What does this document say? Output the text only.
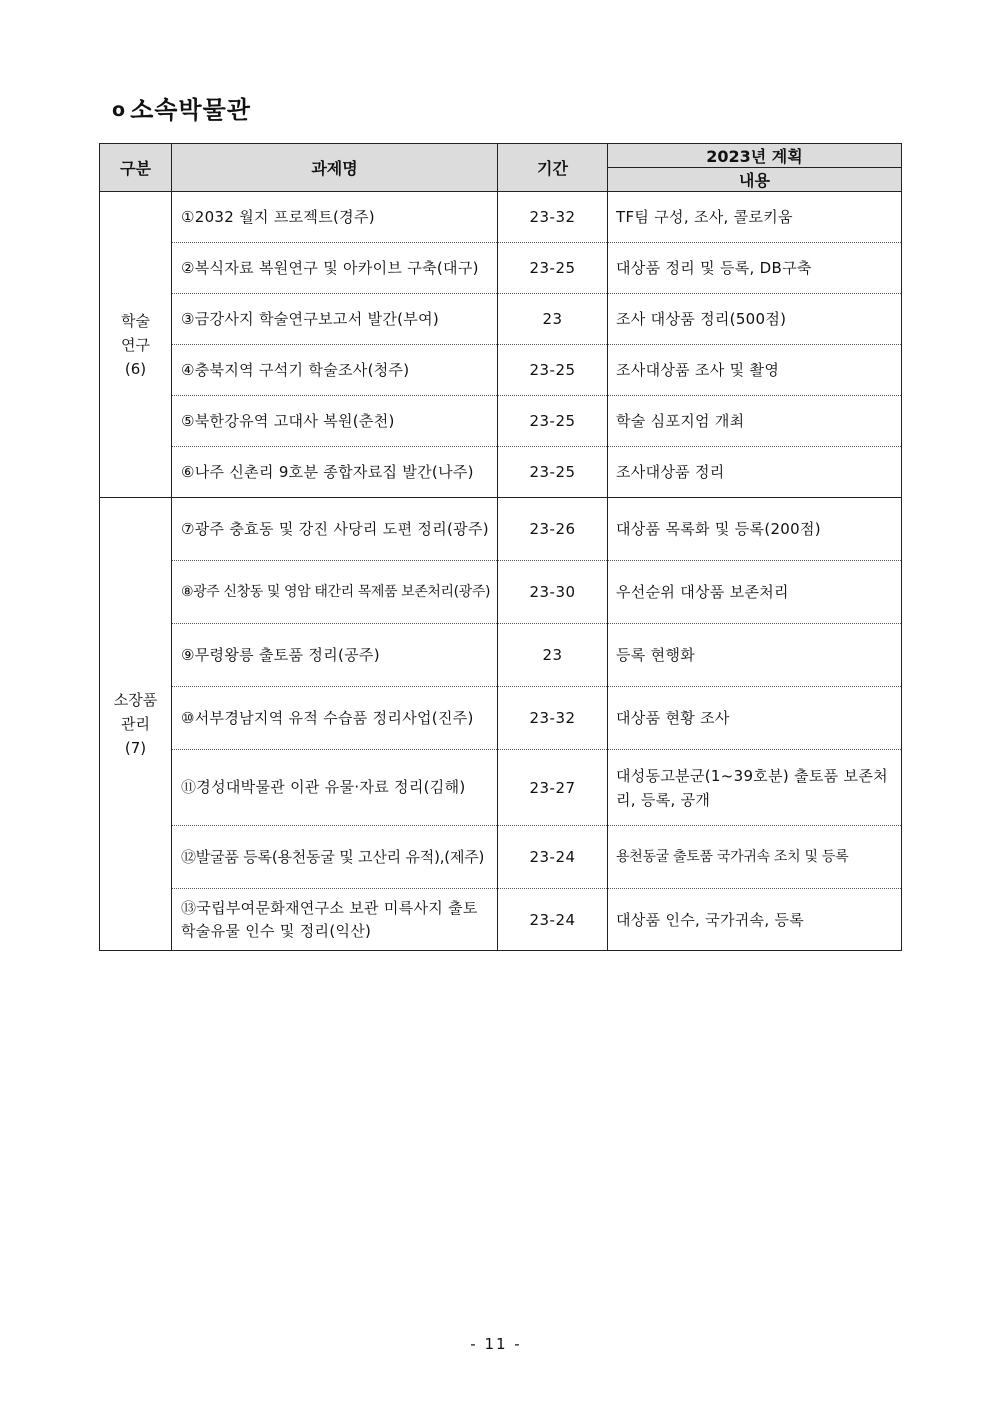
o 소속박물관
구분	과제명	기간	2023년 계획
			내용

학술
연구
(6)	①2032 월지 프로젝트(경주)	23-32	TF팀 구성, 조사, 콜로키움
	②복식자료 복원연구 및 아카이브 구축(대구)	23-25	대상품 정리 및 등록, DB구축
	③금강사지 학술연구보고서 발간(부여)	23	조사 대상품 정리(500점)
	④충북지역 구석기 학술조사(청주)	23-25	조사대상품 조사 및 촬영
	⑤북한강유역 고대사 복원(춘천)	23-25	학술 심포지엄 개최
	⑥나주 신촌리 9호분 종합자료집 발간(나주)	23-25	조사대상품 정리

소장품
관리
(7)	⑦광주 충효동 및 강진 사당리 도편 정리(광주)	23-26	대상품 목록화 및 등록(200점)
	⑧광주 신창동 및 영암 태간리 목제품 보존처리(광주)	23-30	우선순위 대상품 보존처리
	⑨무령왕릉 출토품 정리(공주)	23	등록 현행화
	⑩서부경남지역 유적 수습품 정리사업(진주)	23-32	대상품 현황 조사
	⑪경성대박물관 이관 유물·자료 정리(김해)	23-27	대성동고분군(1~39호분) 출토품 보존처리, 등록, 공개
	⑫발굴품 등록(용천동굴 및 고산리 유적),(제주)	23-24	용천동굴 출토품 국가귀속 조치 및 등록
	⑬국립부여문화재연구소 보관 미륵사지 출토 학술유물 인수 및 정리(익산)	23-24	대상품 인수, 국가귀속, 등록
- 11 -
